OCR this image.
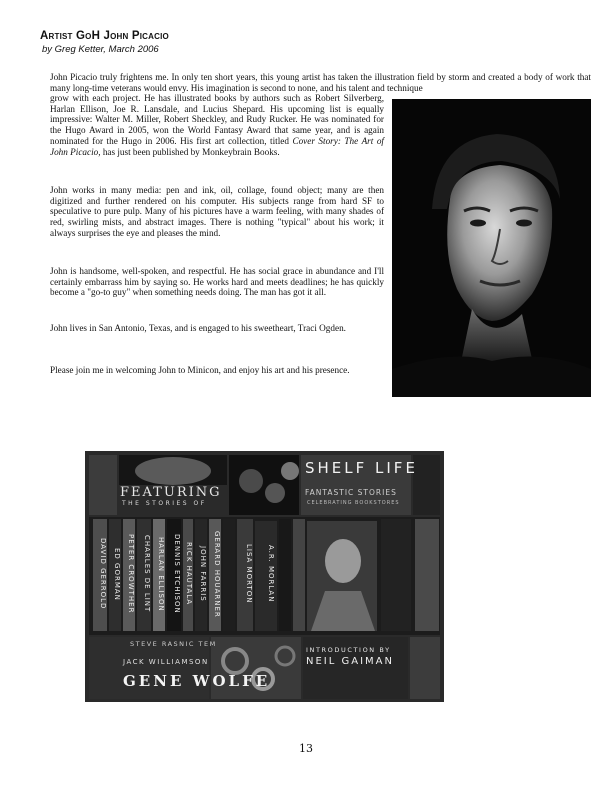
Artist GoH John Picacio
by Greg Ketter, March 2006

John Picacio truly frightens me. In only ten short years, this young artist has taken the illustration field by storm and created a body of work that many long-time veterans would envy. His imagination is second to none, and his talent and technique

grow with each project. He has illustrated books by authors such as Robert Silverberg, Harlan Ellison, Joe R. Lansdale, and Lucius Shepard. His upcoming list is equally impressive: Walter M. Miller, Robert Sheckley, and Rudy Rucker. He was nominated for the Hugo Award in 2005, won the World Fantasy Award that same year, and is again nominated for the Hugo in 2006. His first art collection, titled Cover Story: The Art of John Picacio, has just been published by Monkeybrain Books.

John works in many media: pen and ink, oil, collage, found object; many are then digitized and further rendered on his computer. His subjects range from hard SF to speculative to pure pulp. Many of his pictures have a warm feeling, with many shades of red, swirling mists, and abstract images. There is nothing "typical" about his work; it always surprises the eye and pleases the mind.

John is handsome, well-spoken, and respectful. He has social grace in abundance and I'll certainly embarrass him by saying so. He works hard and meets deadlines; he has quickly become a "go-to guy" when something needs doing. The man has got it all.

John lives in San Antonio, Texas, and is engaged to his sweetheart, Traci Ogden.

Please join me in welcoming John to Minicon, and enjoy his art and his presence.

FEATURING
THE STORIES OF
SHELF LIFE
FANTASTIC STORIES
CELEBRATING BOOKSTORES
INTRODUCTION BY
NEIL GAIMAN
STEVE RASNIC TEM
JACK WILLIAMSON
GENE WOLFE
DAVID GERROLD ED GORMAN PETER CROWTHER	CHARLES DE LINT HARLAN ELLISON	DENNIS ETCHISON RICK HAUTALA JOHN FARRIS GERARD HOUARNER	LISA MORTON	A.R. MORLAN
13
